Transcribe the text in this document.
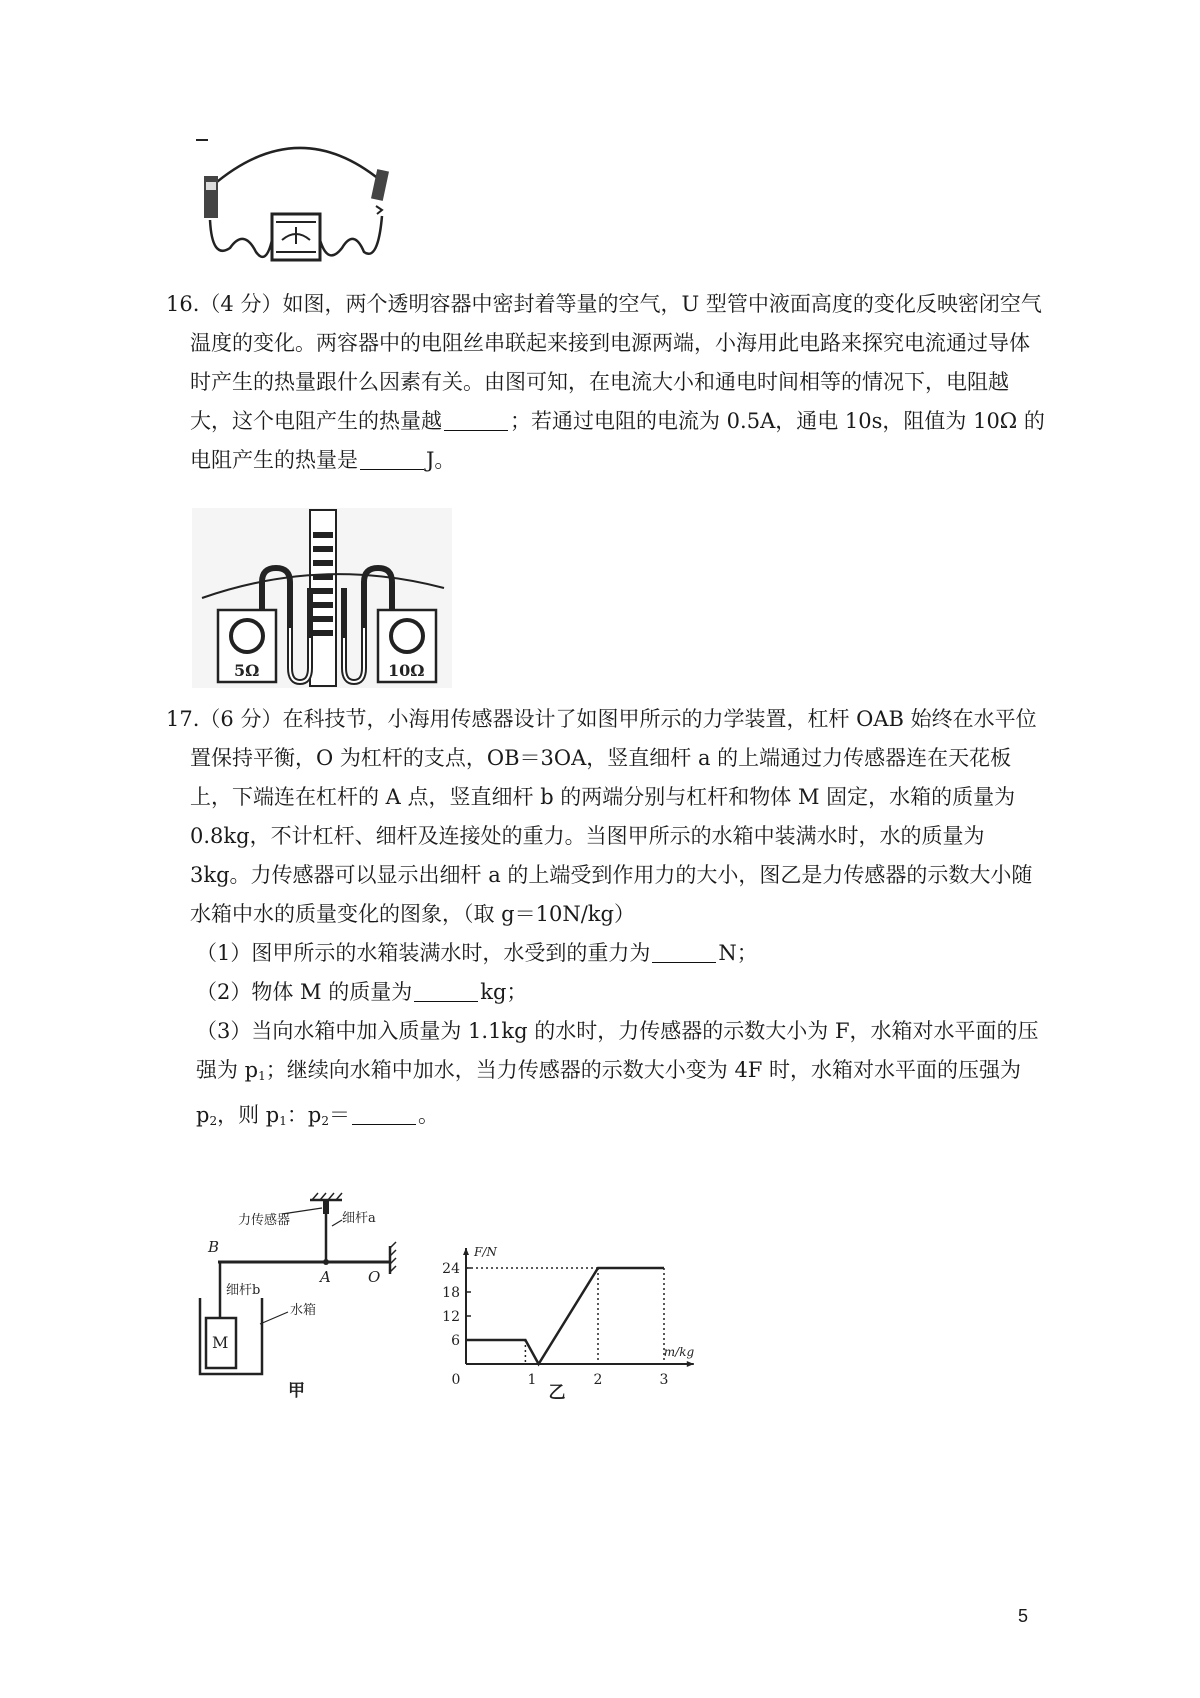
16.（4 分）如图，两个透明容器中密封着等量的空气，U 型管中液面高度的变化反映密闭空气温度的变化。两容器中的电阻丝串联起来接到电源两端，小海用此电路来探究电流通过导体时产生的热量跟什么因素有关。由图可知，在电流大小和通电时间相等的情况下，电阻越大，这个电阻产生的热量越	；若通过电阻的电流为 0.5A，通电 10s，阻值为 10Ω 的电阻产生的热量是	J。

5Ω	10Ω

17.（6 分）在科技节，小海用传感器设计了如图甲所示的力学装置，杠杆 OAB 始终在水平位置保持平衡，O 为杠杆的支点，OB＝3OA，竖直细杆 a 的上端通过力传感器连在天花板上，下端连在杠杆的 A 点，竖直细杆 b 的两端分别与杠杆和物体 M 固定，水箱的质量为 0.8kg，不计杠杆、细杆及连接处的重力。当图甲所示的水箱中装满水时，水的质量为 3kg。力传感器可以显示出细杆 a 的上端受到作用力的大小，图乙是力传感器的示数大小随水箱中水的质量变化的图象，（取 g＝10N/kg）

（1）图甲所示的水箱装满水时，水受到的重力为	N；

（2）物体 M 的质量为	kg；

（3）当向水箱中加入质量为 1.1kg 的水时，力传感器的示数大小为 F，水箱对水平面的压强为 p1；继续向水箱中加水，当力传感器的示数大小变为 4F 时，水箱对水平面的压强为 p2，则 p1：p2＝	。

B
A O
力传感器	细杆a
细杆b
M
水箱
甲
F/N
m/kg
6
12
18
24
0	1	2	3
乙
5
